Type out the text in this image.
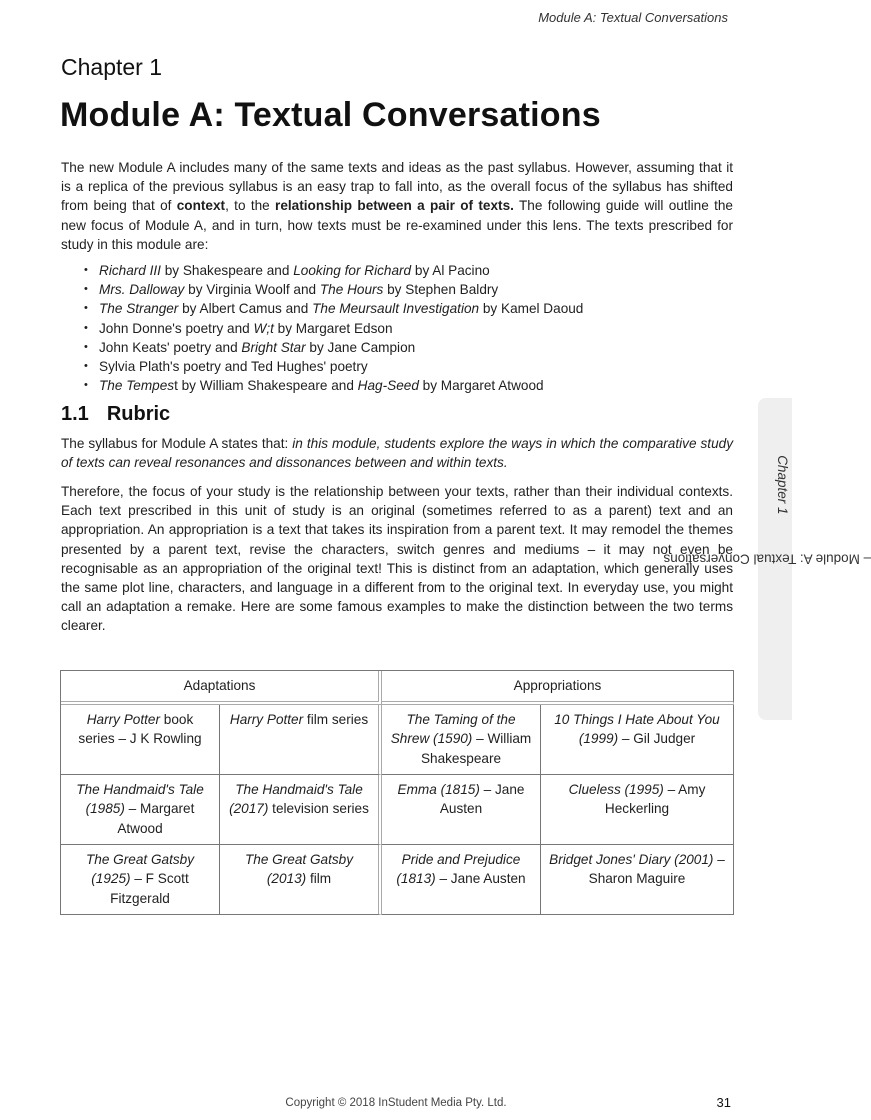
Module A: Textual Conversations
Chapter 1
Module A: Textual Conversations

The new Module A includes many of the same texts and ideas as the past syllabus. However, assuming that it is a replica of the previous syllabus is an easy trap to fall into, as the overall focus of the syllabus has shifted from being that of context, to the relationship between a pair of texts. The following guide will outline the new focus of Module A, and in turn, how texts must be re-examined under this lens. The texts prescribed for study in this module are:

• Richard III by Shakespeare and Looking for Richard by Al Pacino
• Mrs. Dalloway by Virginia Woolf and The Hours by Stephen Baldry
• The Stranger by Albert Camus and The Meursault Investigation by Kamel Daoud
• John Donne's poetry and W;t by Margaret Edson
• John Keats' poetry and Bright Star by Jane Campion
• Sylvia Plath's poetry and Ted Hughes' poetry
• The Tempest by William Shakespeare and Hag-Seed by Margaret Atwood
1.1 Rubric

The syllabus for Module A states that: in this module, students explore the ways in which the comparative study of texts can reveal resonances and dissonances between and within texts.

Therefore, the focus of your study is the relationship between your texts, rather than their individual contexts. Each text prescribed in this unit of study is an original (sometimes referred to as a parent) text and an appropriation. An appropriation is a text that takes its inspiration from a parent text. It may remodel the themes presented by a parent text, revise the characters, switch genres and mediums – it may not even be recognisable as an appropriation of the original text! This is distinct from an adaptation, which generally uses the same plot line, characters, and language in a different from to the original text. In everyday use, you might call an adaptation a remake. Here are some famous examples to make the distinction between the two terms clearer.

Chapter 1
– Module A: Textual Conversations
Adaptations		Appropriations	
Harry Potter book series – J K Rowling	Harry Potter film series	The Taming of the Shrew (1590) – William Shakespeare	10 Things I Hate About You (1999) – Gil Judger
The Handmaid's Tale (1985) – Margaret Atwood	The Handmaid's Tale (2017) television series	Emma (1815) – Jane Austen	Clueless (1995) – Amy Heckerling
The Great Gatsby (1925) – F Scott Fitzgerald	The Great Gatsby (2013) film	Pride and Prejudice (1813) – Jane Austen	Bridget Jones' Diary (2001) – Sharon Maguire
Copyright © 2018 InStudent Media Pty. Ltd.	31
